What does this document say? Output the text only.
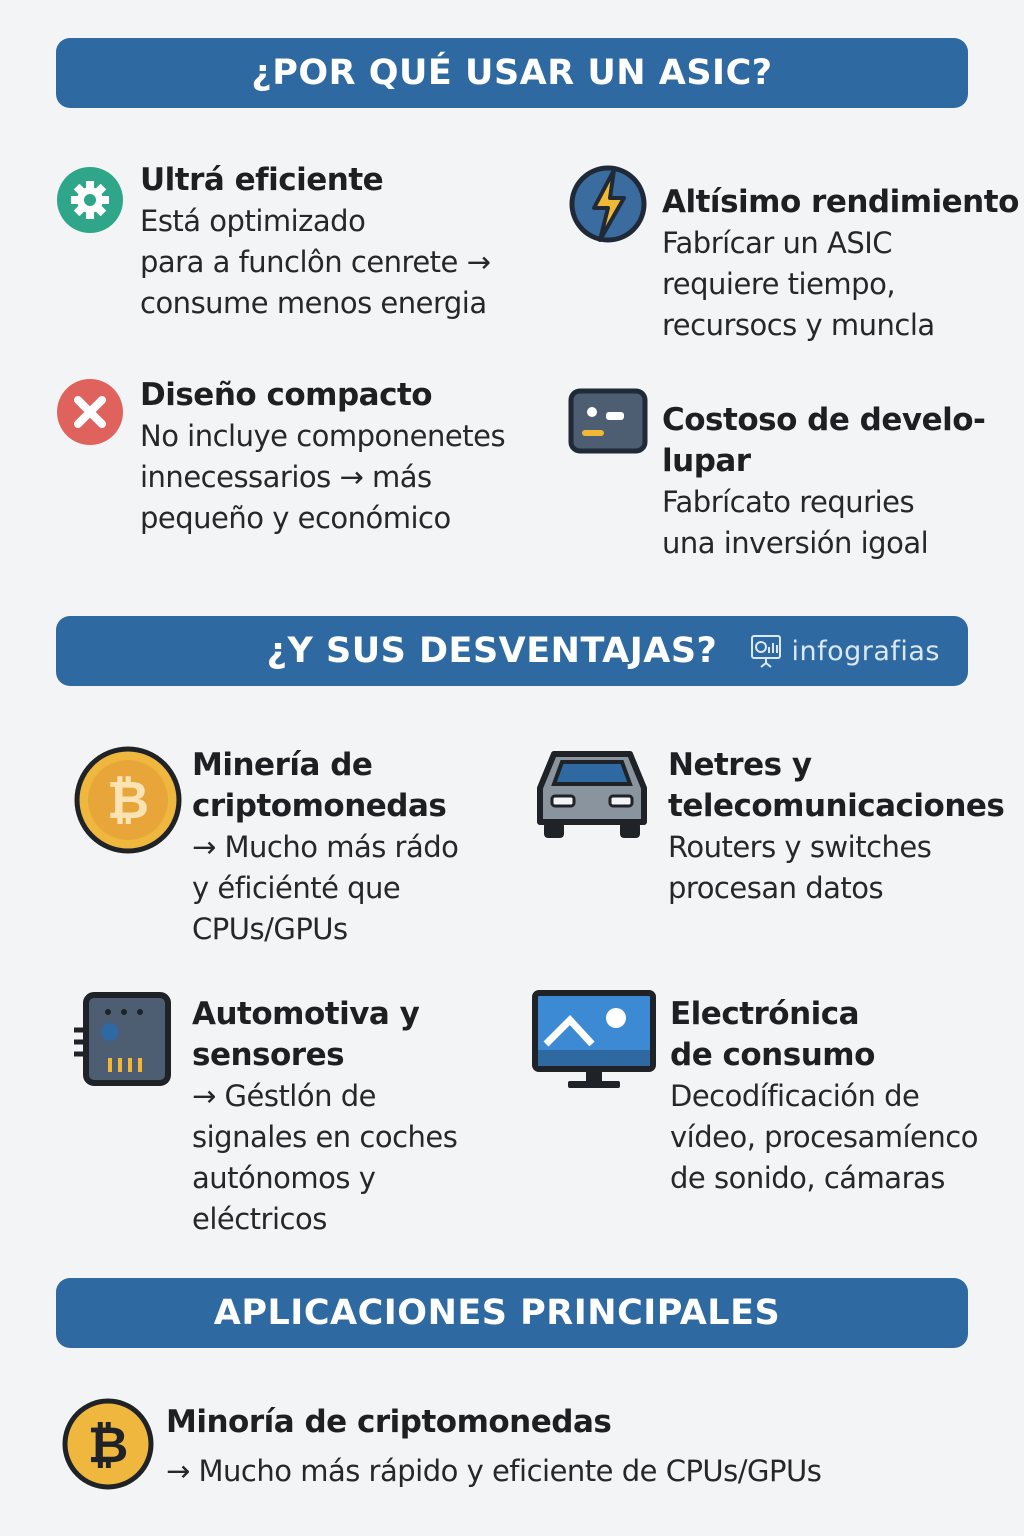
¿POR QUÉ USAR UN ASIC?
Ultrá eficiente
Está optimizado
para a funclôn cenrete →
consume menos energia
Altísimo rendimiento
Fabrícar un ASIC
requiere tiempo,
recursocs y muncla
Diseño compacto
No incluye componenetes
innecessarios → más
pequeño y económico
Costoso de develo-
lupar
Fabrícato requries
una inversión igoal
¿Y SUS DESVENTAJAS?	infografias
₿
Minería de
criptomonedas
→ Mucho más rádo
y éficiénté que
CPUs/GPUs
Netres y
telecomunicaciones
Routers y switches
procesan datos
Automotiva y
sensores
→ Géstlón de
signales en coches
autónomos y
eléctricos
Electrónica
de consumo
Decodíficación de
vídeo, procesamíenco
de sonido, cámaras
APLICACIONES PRINCIPALES
₿ Minoría de criptomonedas
→ Mucho más rápido y eficiente de CPUs/GPUs
